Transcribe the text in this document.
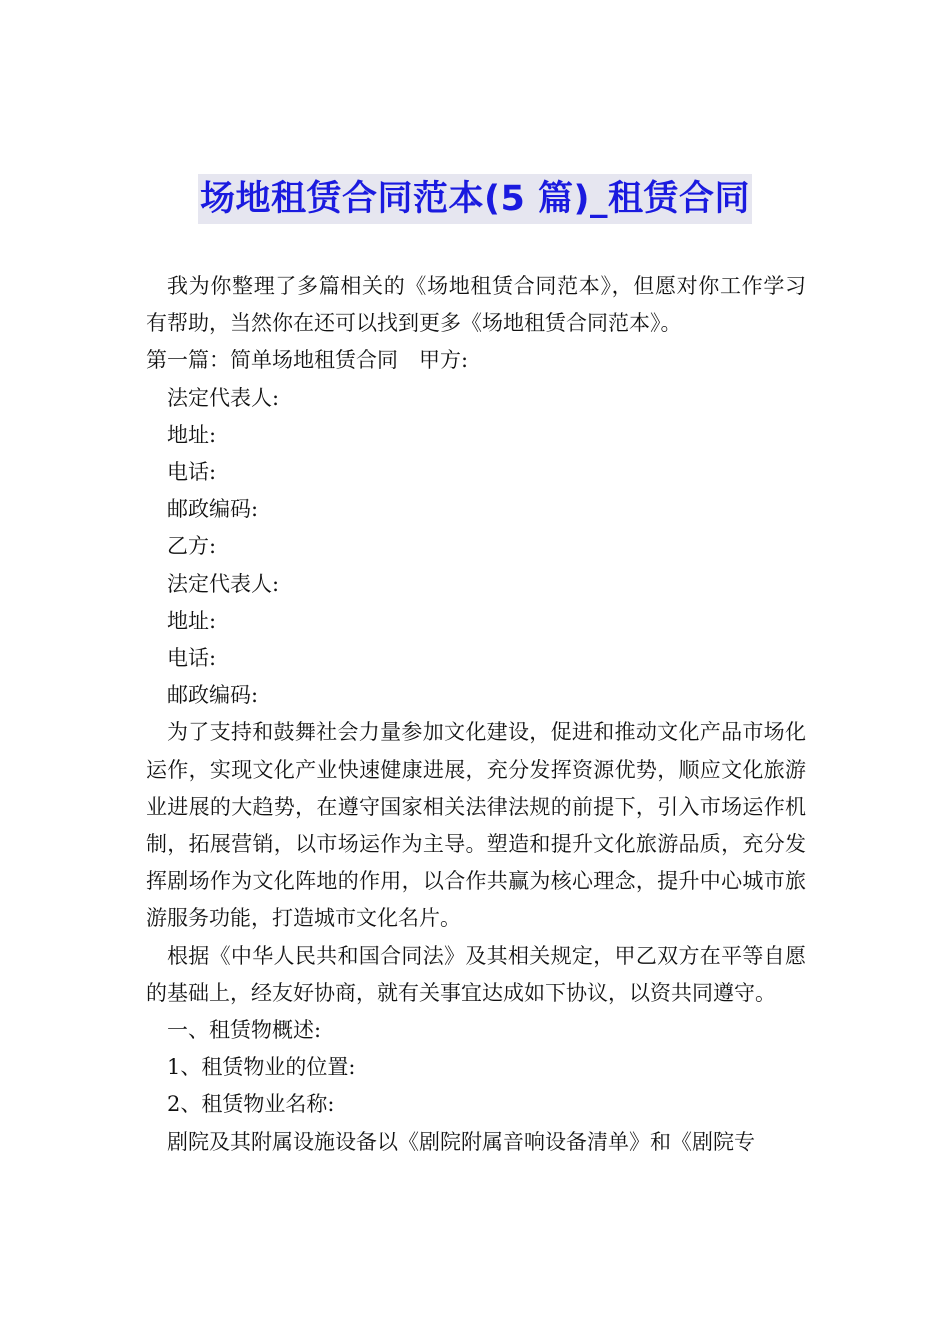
场地租赁合同范本(5 篇)_租赁合同

我为你整理了多篇相关的《场地租赁合同范本》，但愿对你工作学习有帮助，当然你在还可以找到更多《场地租赁合同范本》。

第一篇：简单场地租赁合同　甲方:

法定代表人:

地址:

电话:

邮政编码:

乙方:

法定代表人:

地址:

电话:

邮政编码:

为了支持和鼓舞社会力量参加文化建设，促进和推动文化产品市场化运作，实现文化产业快速健康进展，充分发挥资源优势，顺应文化旅游业进展的大趋势，在遵守国家相关法律法规的前提下，引入市场运作机制，拓展营销，以市场运作为主导。塑造和提升文化旅游品质，充分发挥剧场作为文化阵地的作用，以合作共赢为核心理念，提升中心城市旅游服务功能，打造城市文化名片。

根据《中华人民共和国合同法》及其相关规定，甲乙双方在平等自愿的基础上，经友好协商，就有关事宜达成如下协议，以资共同遵守。

一、租赁物概述:

1、租赁物业的位置:

2、租赁物业名称:

剧院及其附属设施设备以《剧院附属音响设备清单》和《剧院专
